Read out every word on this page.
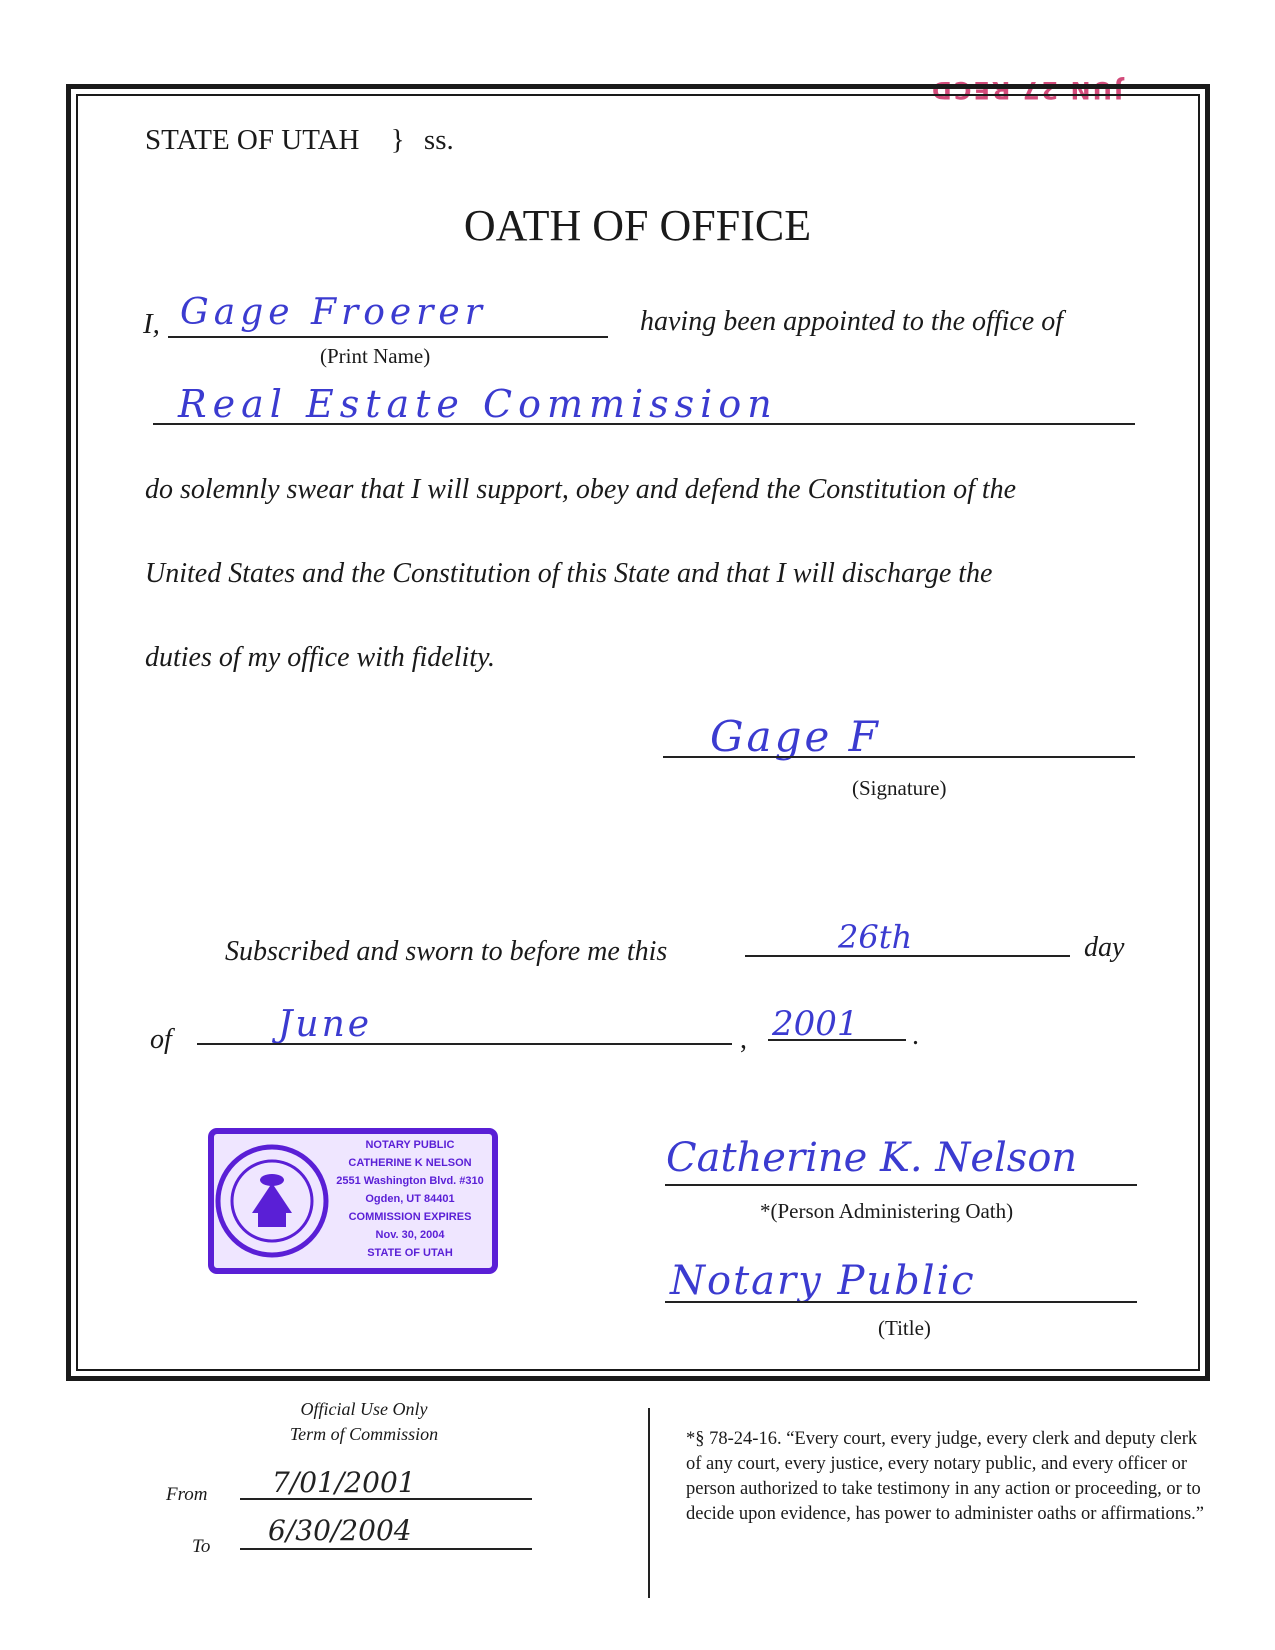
JUN 27 RECD
STATE OF UTAH } ss.
OATH OF OFFICE
I, Gage Froerer
(Print Name)
having been appointed to the office of
Real Estate Commission
do solemnly swear that I will support, obey and defend the Constitution of the
United States and the Constitution of this State and that I will discharge the
duties of my office with fidelity.
Gage F
(Signature)
Subscribed and sworn to before me this	26th	day
of	June	, 2001 .
NOTARY PUBLIC
CATHERINE K NELSON
2551 Washington Blvd. #310
Ogden, UT 84401
COMMISSION EXPIRES
Nov. 30, 2004
STATE OF UTAH
Catherine K. Nelson
*(Person Administering Oath)
Notary Public
(Title)
Official Use Only
Term of Commission
From 7/01/2001
To 6/30/2004
*§ 78-24-16. “Every court, every judge, every clerk and deputy clerk of any court, every justice, every notary public, and every officer or person authorized to take testimony in any action or proceeding, or to decide upon evidence, has power to administer oaths or affirmations.”
